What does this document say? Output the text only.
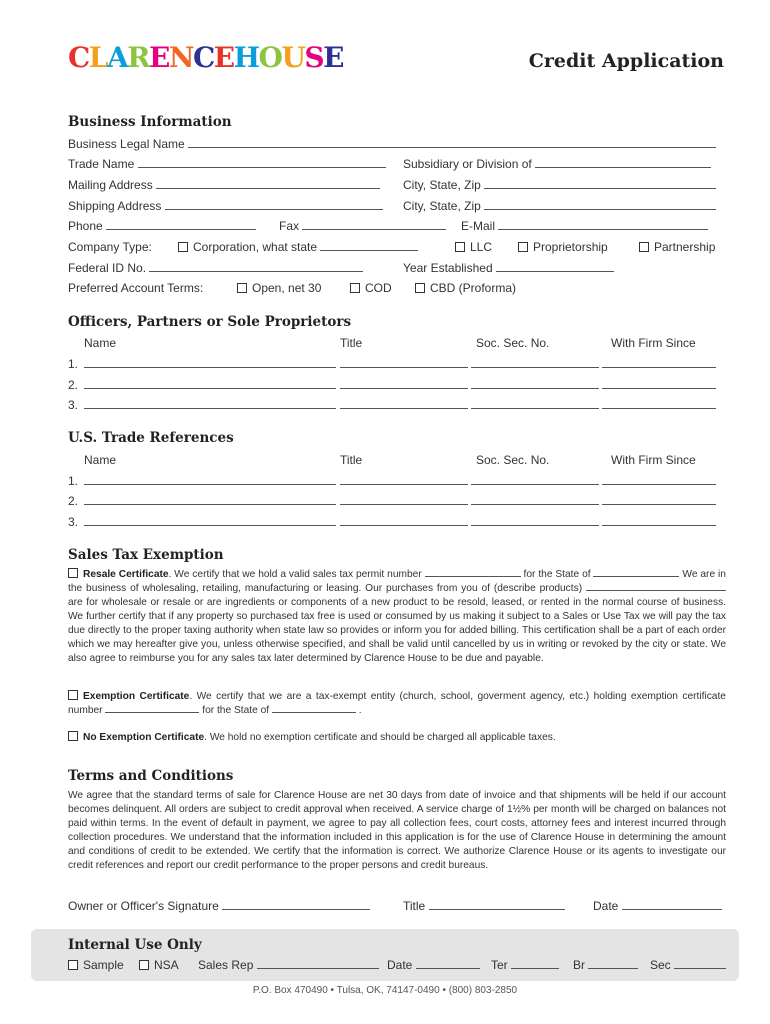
CLARENCEHOUSE	Credit Application
Business Information
Business Legal Name
Trade Name	Subsidiary or Division of
Mailing Address	City, State, Zip
Shipping Address	City, State, Zip
Phone	Fax	E-Mail
Company Type:	Corporation, what state	LLC	Proprietorship	Partnership
Federal ID No.	Year Established
Preferred Account Terms:	Open, net 30	COD	CBD (Proforma)
Officers, Partners or Sole Proprietors
Name	Title	Soc. Sec. No.	With Firm Since
1.
2.
3.
U.S. Trade References
Name	Title	Soc. Sec. No.	With Firm Since
1.
2.
3.
Sales Tax Exemption
Resale Certificate. We certify that we hold a valid sales tax permit number	for the State of	We are in the business of wholesaling, retailing, manufacturing or leasing. Our purchases from you of (describe products)  are for wholesale or resale or are ingredients or components of a new product to be resold, leased, or rented in the normal course of business. We further certify that if any property so purchased tax free is used or consumed by us making it subject to a Sales or Use Tax we will pay the tax due directly to the proper taxing authority when state law so provides or inform you for added billing. This certification shall be a part of each order which we may hereafter give you, unless otherwise specified, and shall be valid until cancelled by us in writing or revoked by the city or state. We also agree to reimburse you for any sales tax later determined by Clarence House to be due and payable.
Exemption Certificate. We certify that we are a tax-exempt entity (church, school, goverment agency, etc.) holding exemption certificate number	for the State of	.
No Exemption Certificate. We hold no exemption certificate and should be charged all applicable taxes.
Terms and Conditions
We agree that the standard terms of sale for Clarence House are net 30 days from date of invoice and that shipments will be held if our account becomes delinquent. All orders are subject to credit approval when received. A service charge of 1½% per month will be charged on balances not paid within terms. In the event of default in payment, we agree to pay all collection fees, court costs, attorney fees and interest incurred through collection procedures. We understand that the information included in this application is for the use of Clarence House in determining the amount and conditions of credit to be extended. We certify that the information is correct. We authorize Clarence House or its agents to investigate our credit references and report our credit performance to the proper persons and credit bureaus.
Owner or Officer's Signature	Title	Date
Internal Use Only
Sample	NSA Sales Rep	Date	Ter	Br	Sec
P.O. Box 470490 • Tulsa, OK, 74147-0490 • (800) 803-2850
